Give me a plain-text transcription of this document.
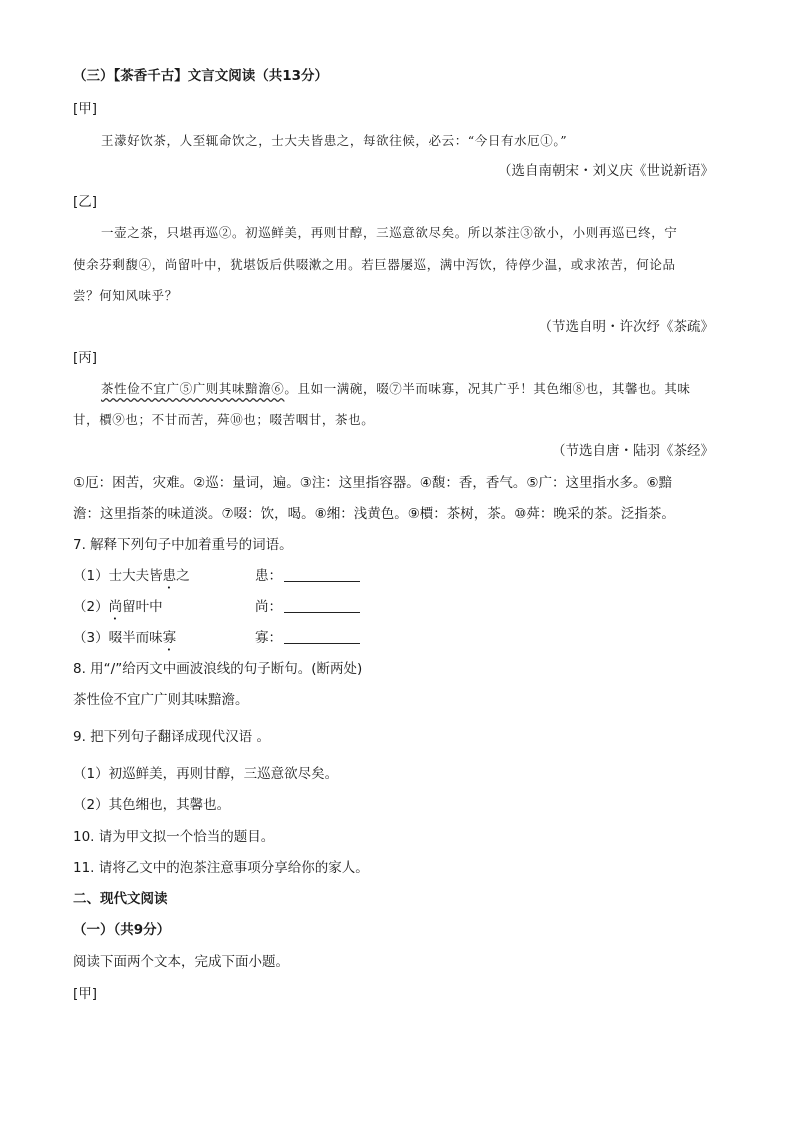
（三）【茶香千古】文言文阅读（共13分）
[甲]
王濛好饮茶，人至辄命饮之，士大夫皆患之，每欲往候，必云：“今日有水厄①。”
（选自南朝宋・刘义庆《世说新语》
[乙]
一壶之茶，只堪再巡②。初巡鲜美，再则甘醇，三巡意欲尽矣。所以茶注③欲小，小则再巡已终，宁
使余芬剩馥④，尚留叶中，犹堪饭后供啜漱之用。若巨器屡巡，满中泻饮，待停少温，或求浓苦，何论品
尝？何知风味乎？
（节选自明・许次纾《茶疏》
[丙]
茶性俭不宜广⑤广则其味黯澹⑥。且如一满碗，啜⑦半而味寡，况其广乎！其色缃⑧也，其馨也。其味
甘，檟⑨也；不甘而苦，荈⑩也；啜苦咽甘，茶也。
（节选自唐・陆羽《茶经》
①厄：困苦，灾难。②巡：量词，遍。③注：这里指容器。④馥：香，香气。⑤广：这里指水多。⑥黯
澹：这里指茶的味道淡。⑦啜：饮，喝。⑧缃：浅黄色。⑨檟：茶树，茶。⑩荈：晚采的茶。泛指茶。
7. 解释下列句子中加着重号的词语。
（1）士大夫皆患之	患：
（2）尚留叶中	尚：
（3）啜半而味寡	寡：
8. 用“/”给丙文中画波浪线的句子断句。(断两处)
茶性俭不宜广广则其味黯澹。
9. 把下列句子翻译成现代汉语 。
（1）初巡鲜美，再则甘醇，三巡意欲尽矣。
（2）其色缃也，其馨也。
10. 请为甲文拟一个恰当的题目。
11. 请将乙文中的泡茶注意事项分享给你的家人。
二、现代文阅读
（一）（共9分）
阅读下面两个文本，完成下面小题。
[甲]
